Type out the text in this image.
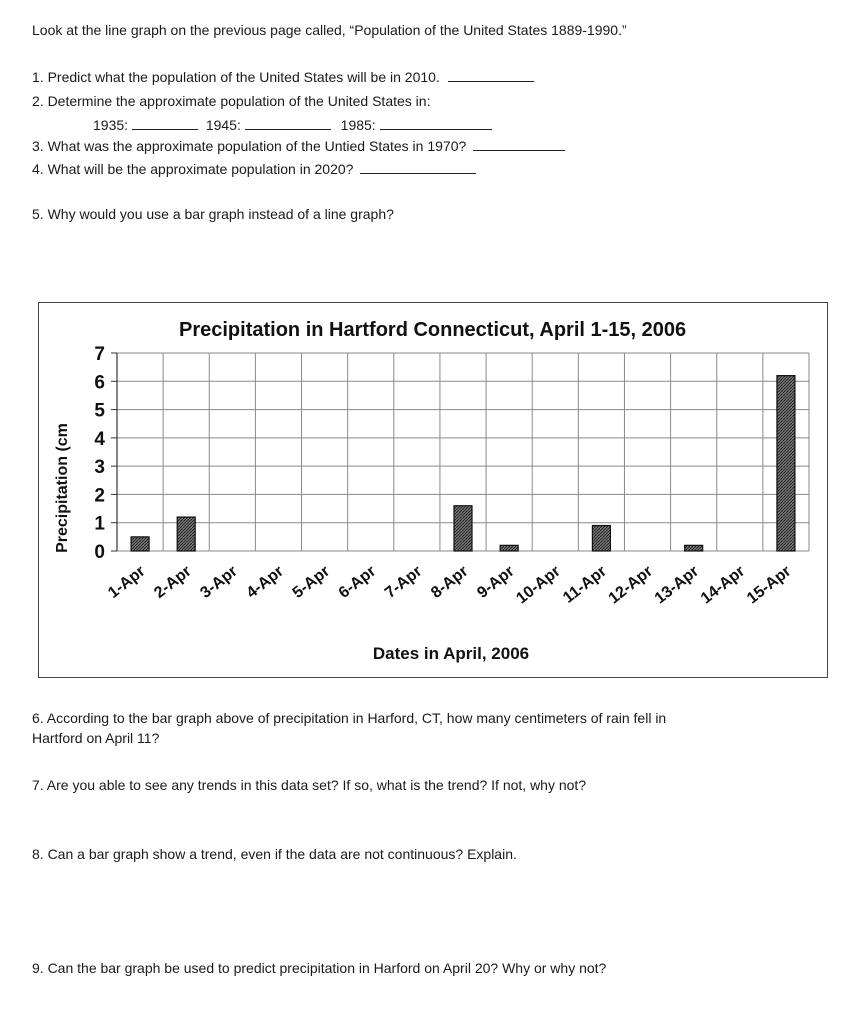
Look at the line graph on the previous page called, “Population of the United States 1889-1990.”
1. Predict what the population of the United States will be in 2010.
2. Determine the approximate population of the United States in:
1935:	1945:	1985:
3. What was the approximate population of the Untied States in 1970?
4. What will be the approximate population in 2020?
5. Why would you use a bar graph instead of a line graph?
Precipitation in Hartford Connecticut, April 1-15, 2006
Precipitation (cm
Dates in April, 2006
0
1
2
3
4
5
6
7
1-Apr 2-Apr 3-Apr 4-Apr 5-Apr 6-Apr 7-Apr 8-Apr 9-Apr
10-Apr
11-Apr
12-Apr
13-Apr
14-Apr
15-Apr
6. According to the bar graph above of precipitation in Harford, CT, how many centimeters of rain fell in
Hartford on April 11?
7. Are you able to see any trends in this data set? If so, what is the trend? If not, why not?
8. Can a bar graph show a trend, even if the data are not continuous? Explain.
9. Can the bar graph be used to predict precipitation in Harford on April 20? Why or why not?
